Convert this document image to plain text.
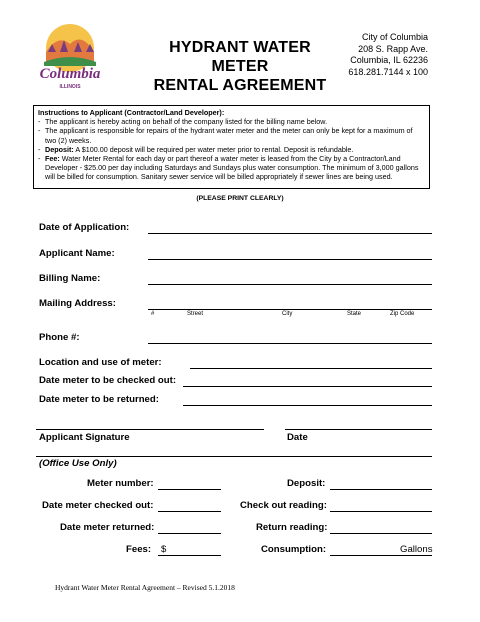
Columbia
ILLINOIS
HYDRANT WATER METER
RENTAL AGREEMENT
City of Columbia
208 S. Rapp Ave.
Columbia, IL 62236
618.281.7144 x 100
Instructions to Applicant (Contractor/Land Developer):
- The applicant is hereby acting on behalf of the company listed for the billing name below.
- The applicant is responsible for repairs of the hydrant water meter and the meter can only be kept for a maximum of two (2) weeks.
- Deposit: A $100.00 deposit will be required per water meter prior to rental. Deposit is refundable.
- Fee: Water Meter Rental for each day or part thereof a water meter is leased from the City by a Contractor/Land Developer - $25.00 per day including Saturdays and Sundays plus water consumption. The minimum of 3,000 gallons will be billed for consumption. Sanitary sewer service will be billed appropriately if sewer lines are being used.
(PLEASE PRINT CLEARLY)
Date of Application:
Applicant Name:
Billing Name:
Mailing Address:
#	Street	City	State	Zip Code
Phone #:
Location and use of meter:
Date meter to be checked out:
Date meter to be returned:
Applicant Signature	Date
(Office Use Only)
Meter number:	Deposit:
Date meter checked out:	Check out reading:
Date meter returned:	Return reading:
Fees: $	Consumption:	Gallons
Hydrant Water Meter Rental Agreement – Revised 5.1.2018
